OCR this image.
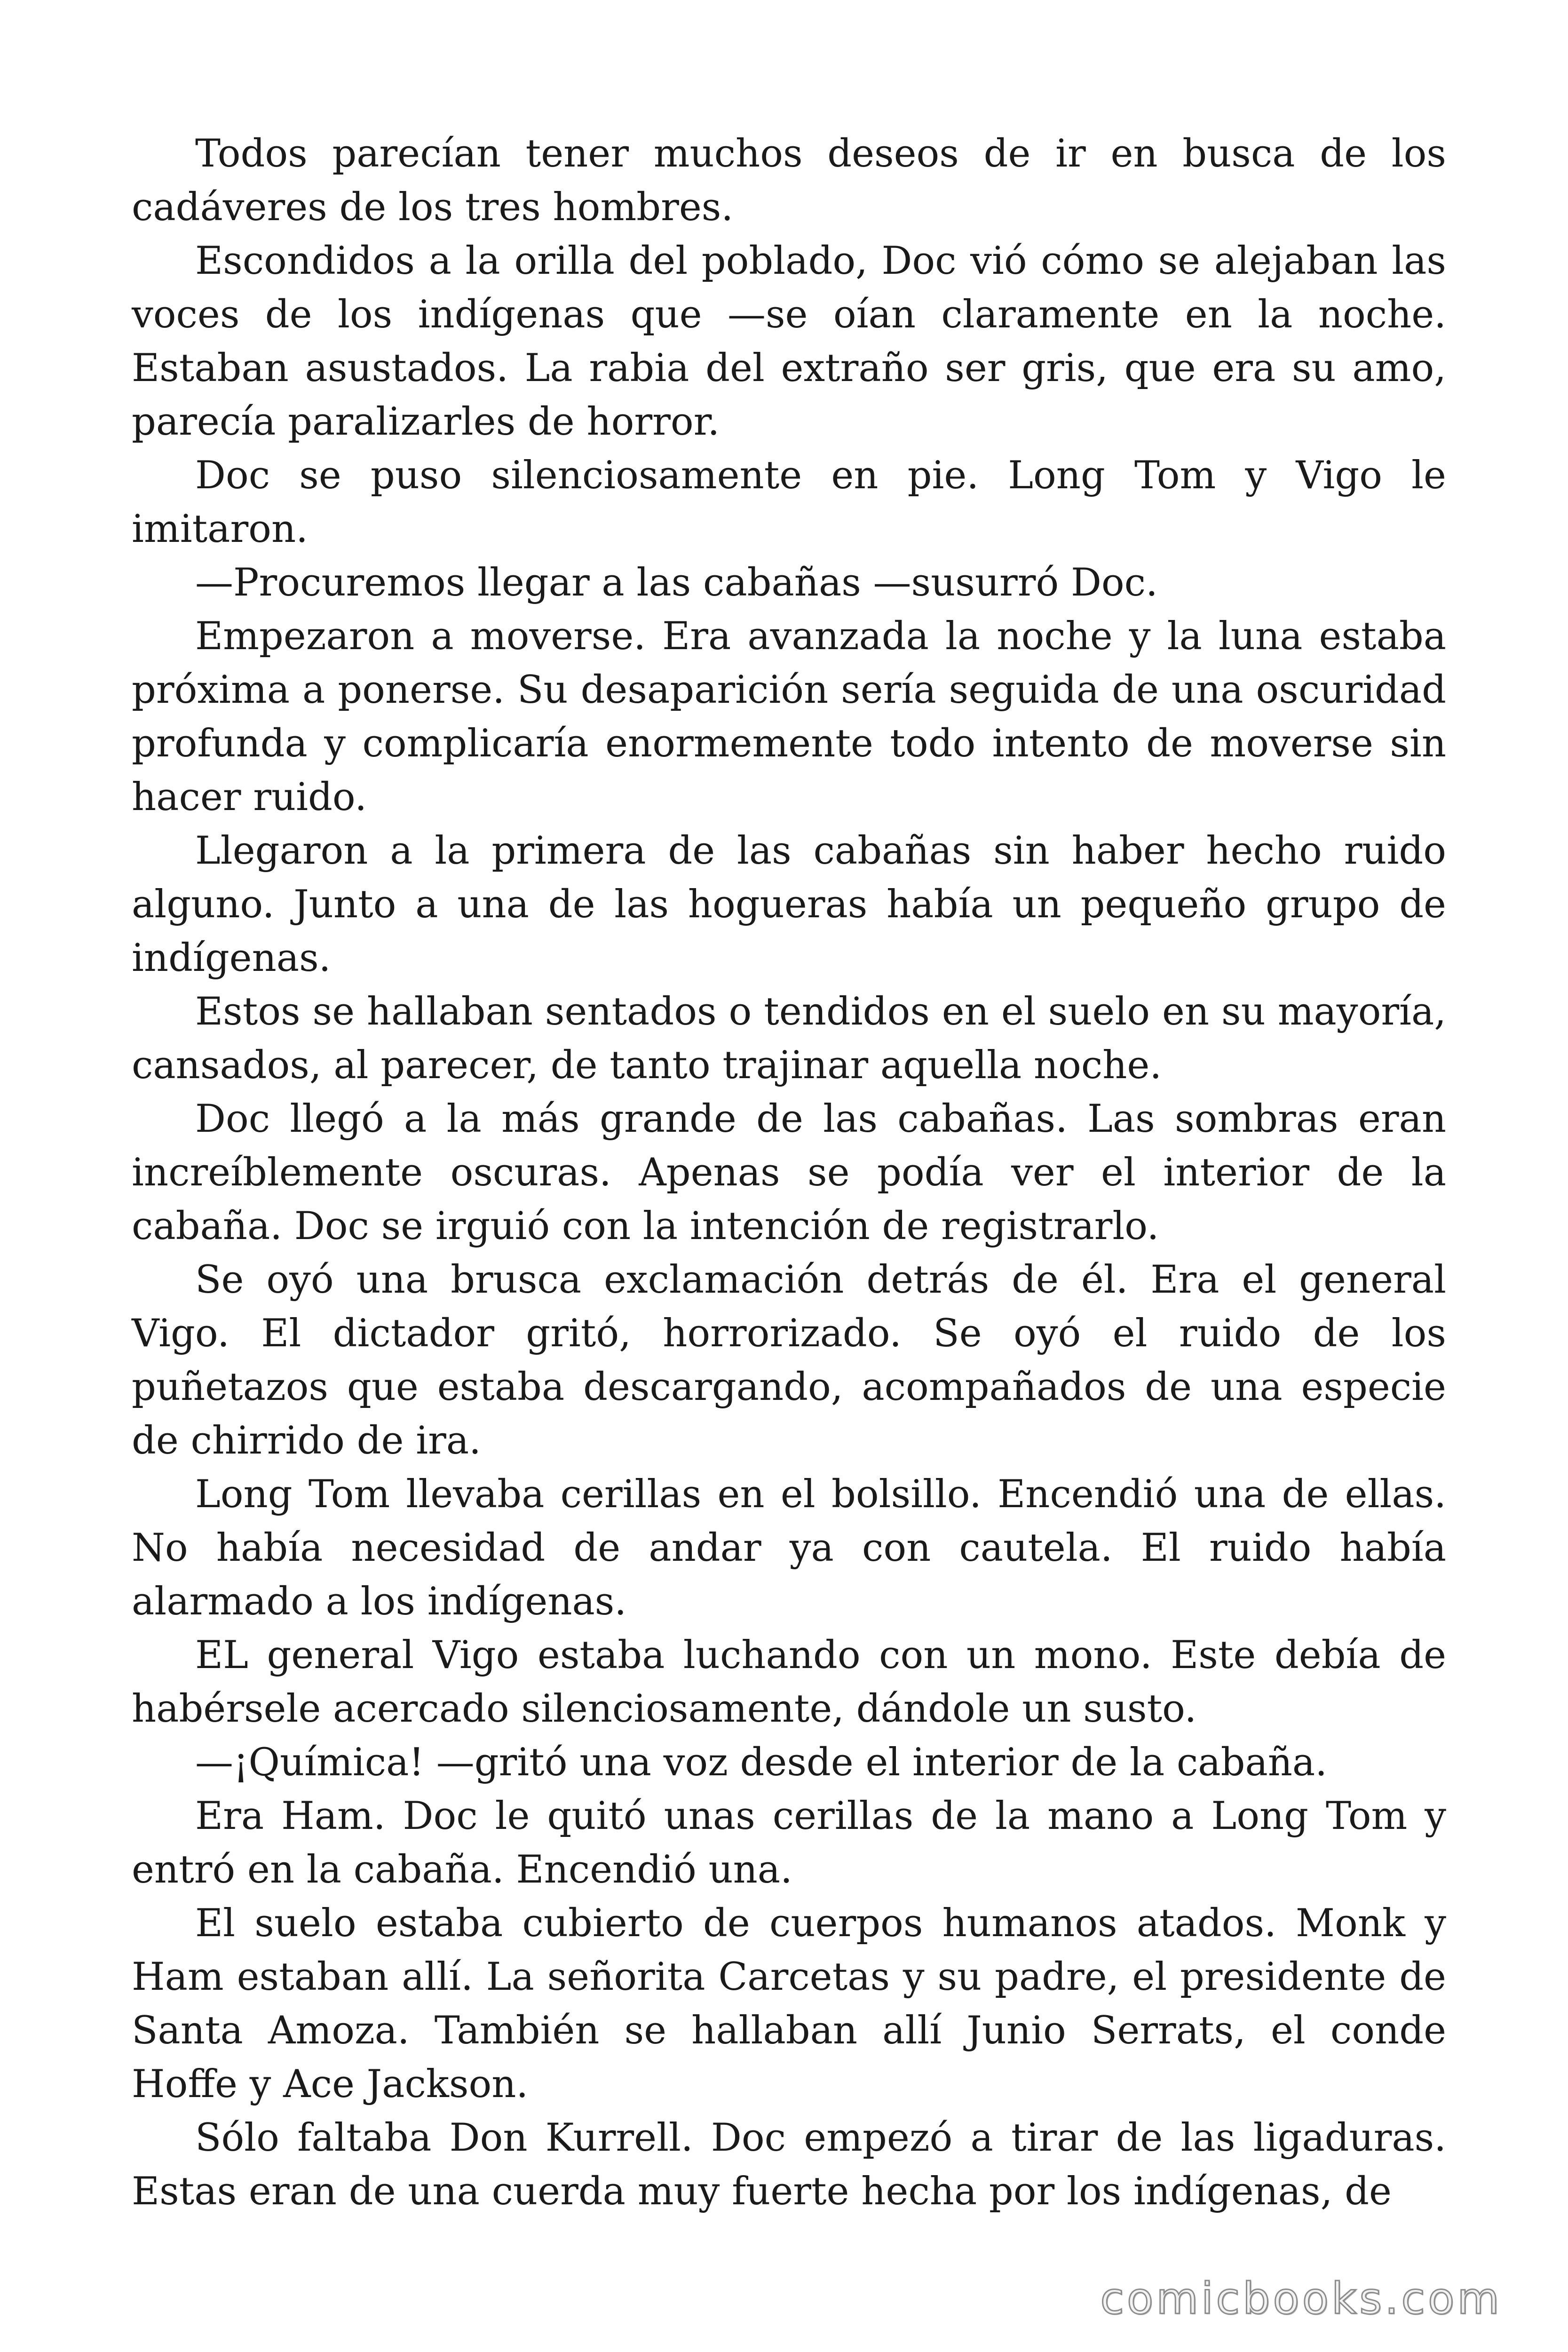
Todos parecían tener muchos deseos de ir en busca de los cadáveres de los tres hombres.

Escondidos a la orilla del poblado, Doc vió cómo se alejaban las voces de los indígenas que —se oían claramente en la noche. Estaban asustados. La rabia del extraño ser gris, que era su amo, parecía paralizarles de horror.

Doc se puso silenciosamente en pie. Long Tom y Vigo le imitaron.

—Procuremos llegar a las cabañas —susurró Doc.

Empezaron a moverse. Era avanzada la noche y la luna estaba próxima a ponerse. Su desaparición sería seguida de una oscuridad profunda y complicaría enormemente todo intento de moverse sin hacer ruido.

Llegaron a la primera de las cabañas sin haber hecho ruido alguno. Junto a una de las hogueras había un pequeño grupo de indígenas.

Estos se hallaban sentados o tendidos en el suelo en su mayoría, cansados, al parecer, de tanto trajinar aquella noche.

Doc llegó a la más grande de las cabañas. Las sombras eran increíblemente oscuras. Apenas se podía ver el interior de la cabaña. Doc se irguió con la intención de registrarlo.

Se oyó una brusca exclamación detrás de él. Era el general Vigo. El dictador gritó, horrorizado. Se oyó el ruido de los puñetazos que estaba descargando, acompañados de una especie de chirrido de ira.

Long Tom llevaba cerillas en el bolsillo. Encendió una de ellas. No había necesidad de andar ya con cautela. El ruido había alarmado a los indígenas.

EL general Vigo estaba luchando con un mono. Este debía de habérsele acercado silenciosamente, dándole un susto.

—¡Química! —gritó una voz desde el interior de la cabaña.

Era Ham. Doc le quitó unas cerillas de la mano a Long Tom y entró en la cabaña. Encendió una.

El suelo estaba cubierto de cuerpos humanos atados. Monk y Ham estaban allí. La señorita Carcetas y su padre, el presidente de Santa Amoza. También se hallaban allí Junio Serrats, el conde Hoffe y Ace Jackson.

Sólo faltaba Don Kurrell. Doc empezó a tirar de las ligaduras. Estas eran de una cuerda muy fuerte hecha por los indígenas, de

comicbooks.com
